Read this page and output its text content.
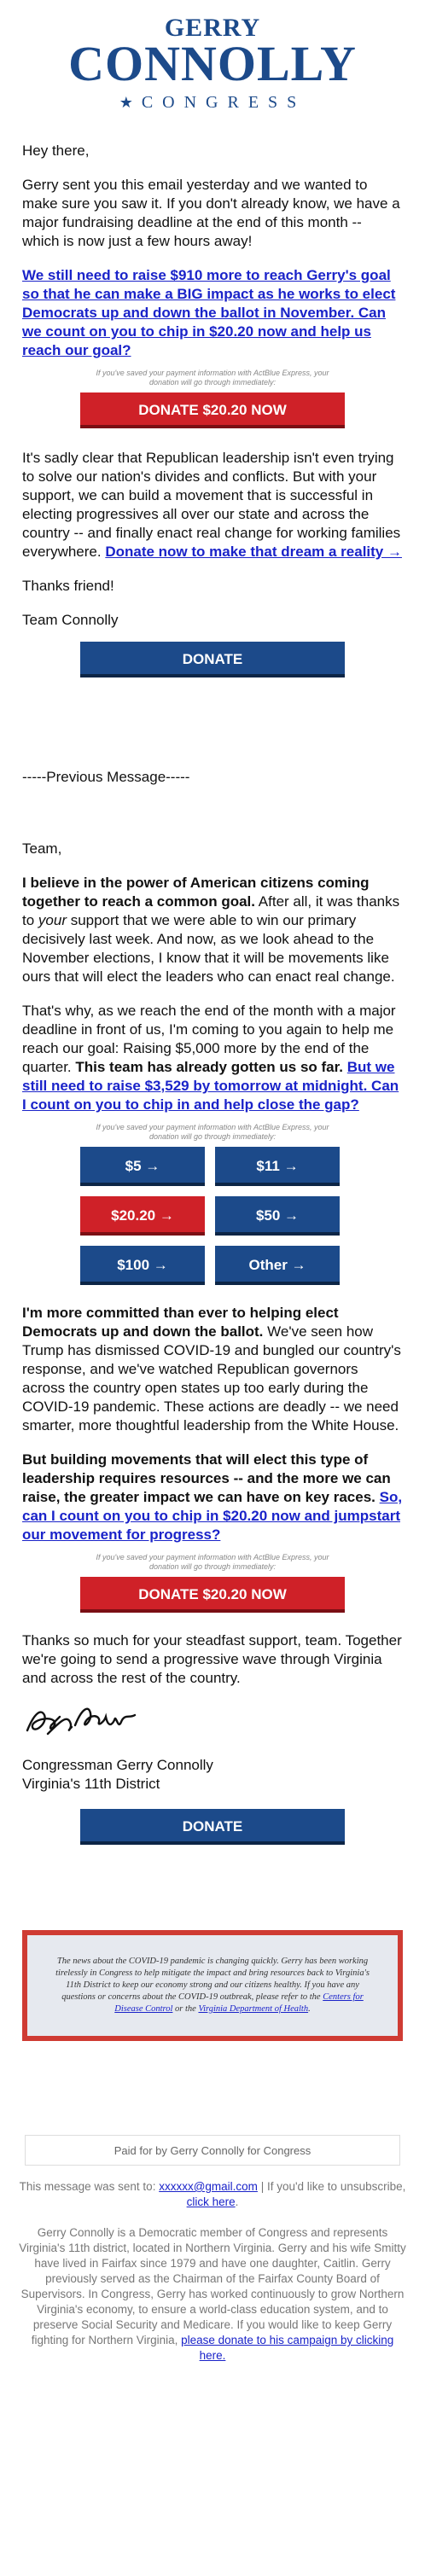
GERRY
CONNOLLY
★ CONGRESS

Hey there,

Gerry sent you this email yesterday and we wanted to make sure you saw it. If you don't already know, we have a major fundraising deadline at the end of this month -- which is now just a few hours away!

We still need to raise $910 more to reach Gerry's goal so that he can make a BIG impact as he works to elect Democrats up and down the ballot in November. Can we count on you to chip in $20.20 now and help us reach our goal?

If you've saved your payment information with ActBlue Express, your donation will go through immediately:
DONATE $20.20 NOW

It's sadly clear that Republican leadership isn't even trying to solve our nation's divides and conflicts. But with your support, we can build a movement that is successful in electing progressives all over our state and across the country -- and finally enact real change for working families everywhere. Donate now to make that dream a reality →

Thanks friend!

Team Connolly

DONATE

-----Previous Message-----

Team,

I believe in the power of American citizens coming together to reach a common goal. After all, it was thanks to your support that we were able to win our primary decisively last week. And now, as we look ahead to the November elections, I know that it will be movements like ours that will elect the leaders who can enact real change.

That's why, as we reach the end of the month with a major deadline in front of us, I'm coming to you again to help me reach our goal: Raising $5,000 more by the end of the quarter. This team has already gotten us so far. But we still need to raise $3,529 by tomorrow at midnight. Can I count on you to chip in and help close the gap?

If you've saved your payment information with ActBlue Express, your donation will go through immediately:
$5 →	$11 →
$20.20 →	$50 →
$100 →	Other →

I'm more committed than ever to helping elect Democrats up and down the ballot. We've seen how Trump has dismissed COVID-19 and bungled our country's response, and we've watched Republican governors across the country open states up too early during the COVID-19 pandemic. These actions are deadly -- we need smarter, more thoughtful leadership from the White House.

But building movements that will elect this type of leadership requires resources -- and the more we can raise, the greater impact we can have on key races. So, can I count on you to chip in $20.20 now and jumpstart our movement for progress?

If you've saved your payment information with ActBlue Express, your donation will go through immediately:
DONATE $20.20 NOW

Thanks so much for your steadfast support, team. Together we're going to send a progressive wave through Virginia and across the rest of the country.

Congressman Gerry Connolly
Virginia's 11th District

DONATE
The news about the COVID-19 pandemic is changing quickly. Gerry has been working tirelessly in Congress to help mitigate the impact and bring resources back to Virginia's 11th District to keep our economy strong and our citizens healthy. If you have any questions or concerns about the COVID-19 outbreak, please refer to the Centers for Disease Control or the Virginia Department of Health.
Paid for by Gerry Connolly for Congress
This message was sent to: xxxxxx@gmail.com | If you'd like to unsubscribe, click here.
Gerry Connolly is a Democratic member of Congress and represents Virginia's 11th district, located in Northern Virginia. Gerry and his wife Smitty have lived in Fairfax since 1979 and have one daughter, Caitlin. Gerry previously served as the Chairman of the Fairfax County Board of Supervisors. In Congress, Gerry has worked continuously to grow Northern Virginia's economy, to ensure a world-class education system, and to preserve Social Security and Medicare. If you would like to keep Gerry fighting for Northern Virginia, please donate to his campaign by clicking here.
